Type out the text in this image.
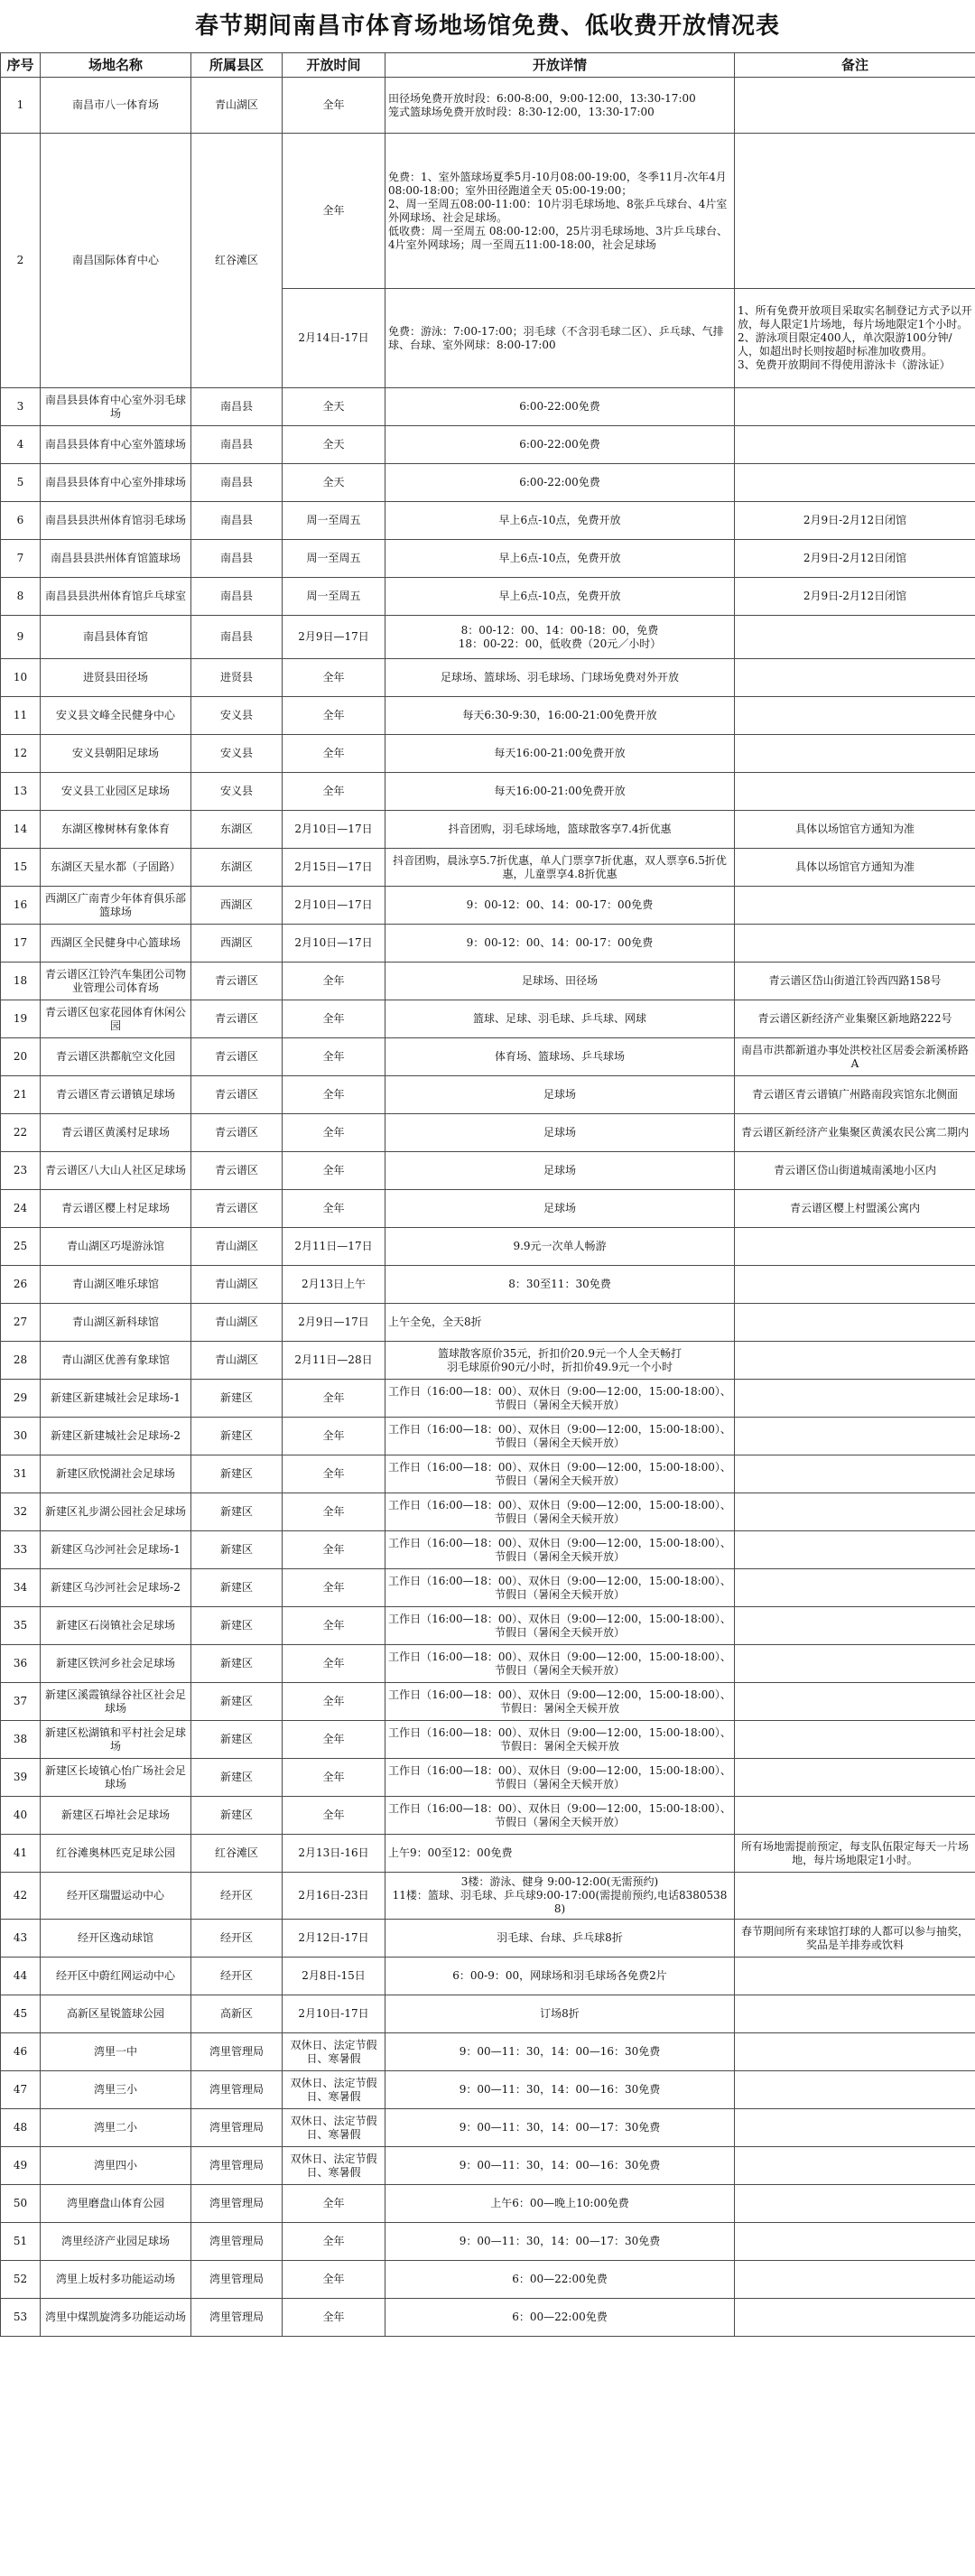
春节期间南昌市体育场地场馆免费、低收费开放情况表
序号	场地名称	所属县区	开放时间	开放详情	备注
1	南昌市八一体育场	青山湖区	全年	田径场免费开放时段：6:00-8:00，9:00-12:00，13:30-17:00
笼式篮球场免费开放时段：8:30-12:00，13:30-17:00	
2	南昌国际体育中心	红谷滩区	全年	免费：1、室外篮球场夏季5月-10月08:00-19:00，冬季11月-次年4月 08:00-18:00；室外田径跑道全天 05:00-19:00；
2、周一至周五08:00-11:00：10片羽毛球场地、8张乒乓球台、4片室外网球场、社会足球场。
低收费：周一至周五 08:00-12:00，25片羽毛球场地、3片乒乓球台、4片室外网球场；周一至周五11:00-18:00，社会足球场	
			2月14日-17日	免费：游泳：7:00-17:00；羽毛球（不含羽毛球二区）、乒乓球、气排球、台球、室外网球：8:00-17:00	1、所有免费开放项目采取实名制登记方式予以开放，每人限定1片场地，每片场地限定1个小时。
2、游泳项目限定400人，单次限游100分钟/人，如超出时长则按超时标准加收费用。
3、免费开放期间不得使用游泳卡（游泳证）
3	南昌县县体育中心室外羽毛球场	南昌县	全天	6:00-22:00免费	
4	南昌县县体育中心室外篮球场	南昌县	全天	6:00-22:00免费	
5	南昌县县体育中心室外排球场	南昌县	全天	6:00-22:00免费	
6	南昌县县洪州体育馆羽毛球场	南昌县	周一至周五	早上6点-10点，免费开放	2月9日-2月12日闭馆
7	南昌县县洪州体育馆篮球场	南昌县	周一至周五	早上6点-10点，免费开放	2月9日-2月12日闭馆
8	南昌县县洪州体育馆乒乓球室	南昌县	周一至周五	早上6点-10点，免费开放	2月9日-2月12日闭馆
9	南昌县体育馆	南昌县	2月9日—17日	8：00-12：00、14：00-18：00，免费
18：00-22：00，低收费（20元／小时）	
10	进贤县田径场	进贤县	全年	足球场、篮球场、羽毛球场、门球场免费对外开放	
11	安义县文峰全民健身中心	安义县	全年	每天6:30-9:30，16:00-21:00免费开放	
12	安义县朝阳足球场	安义县	全年	每天16:00-21:00免费开放	
13	安义县工业园区足球场	安义县	全年	每天16:00-21:00免费开放	
14	东湖区橡树林有象体育	东湖区	2月10日—17日	抖音团购，羽毛球场地，篮球散客享7.4折优惠	具体以场馆官方通知为准
15	东湖区天星水都（子固路）	东湖区	2月15日—17日	抖音团购，晨泳享5.7折优惠，单人门票享7折优惠，双人票享6.5折优惠，儿童票享4.8折优惠	具体以场馆官方通知为准
16	西湖区广南青少年体育俱乐部篮球场	西湖区	2月10日—17日	9：00-12：00、14：00-17：00免费	
17	西湖区全民健身中心篮球场	西湖区	2月10日—17日	9：00-12：00、14：00-17：00免费	
18	青云谱区江铃汽车集团公司物业管理公司体育场	青云谱区	全年	足球场、田径场	青云谱区岱山街道江铃西四路158号
19	青云谱区包家花园体育休闲公园	青云谱区	全年	篮球、足球、羽毛球、乒乓球、网球	青云谱区新经济产业集聚区新地路222号
20	青云谱区洪都航空文化园	青云谱区	全年	体育场、篮球场、乒乓球场	南昌市洪都新道办事处洪校社区居委会新溪桥路A
21	青云谱区青云谱镇足球场	青云谱区	全年	足球场	青云谱区青云谱镇广州路南段宾馆东北侧面
22	青云谱区黄溪村足球场	青云谱区	全年	足球场	青云谱区新经济产业集聚区黄溪农民公寓二期内
23	青云谱区八大山人社区足球场	青云谱区	全年	足球场	青云谱区岱山街道城南溪地小区内
24	青云谱区樱上村足球场	青云谱区	全年	足球场	青云谱区樱上村盟溪公寓内
25	青山湖区巧堤游泳馆	青山湖区	2月11日—17日	9.9元一次单人畅游	
26	青山湖区唯乐球馆	青山湖区	2月13日上午	8：30至11：30免费	
27	青山湖区新科球馆	青山湖区	2月9日—17日	上午全免，全天8折	
28	青山湖区优善有象球馆	青山湖区	2月11日—28日	篮球散客原价35元，折扣价20.9元一个人全天畅打
羽毛球原价90元/小时，折扣价49.9元一个小时	
29	新建区新建城社会足球场-1	新建区	全年	工作日（16:00—18：00）、双休日（9:00—12:00，15:00-18:00）、节假日（暑闲全天候开放）	
30	新建区新建城社会足球场-2	新建区	全年	工作日（16:00—18：00）、双休日（9:00—12:00，15:00-18:00）、节假日（暑闲全天候开放）	
31	新建区欣悦湖社会足球场	新建区	全年	工作日（16:00—18：00）、双休日（9:00—12:00，15:00-18:00）、节假日（暑闲全天候开放）	
32	新建区礼步湖公园社会足球场	新建区	全年	工作日（16:00—18：00）、双休日（9:00—12:00，15:00-18:00）、节假日（暑闲全天候开放）	
33	新建区乌沙河社会足球场-1	新建区	全年	工作日（16:00—18：00）、双休日（9:00—12:00，15:00-18:00）、节假日（暑闲全天候开放）	
34	新建区乌沙河社会足球场-2	新建区	全年	工作日（16:00—18：00）、双休日（9:00—12:00，15:00-18:00）、节假日（暑闲全天候开放）	
35	新建区石岗镇社会足球场	新建区	全年	工作日（16:00—18：00）、双休日（9:00—12:00，15:00-18:00）、节假日（暑闲全天候开放）	
36	新建区铁河乡社会足球场	新建区	全年	工作日（16:00—18：00）、双休日（9:00—12:00，15:00-18:00）、节假日（暑闲全天候开放）	
37	新建区溪霞镇绿谷社区社会足球场	新建区	全年	工作日（16:00—18：00）、双休日（9:00—12:00，15:00-18:00）、节假日：暑闲全天候开放	
38	新建区松湖镇和平村社会足球场	新建区	全年	工作日（16:00—18：00）、双休日（9:00—12:00，15:00-18:00）、节假日：暑闲全天候开放	
39	新建区长堎镇心怡广场社会足球场	新建区	全年	工作日（16:00—18：00）、双休日（9:00—12:00，15:00-18:00）、节假日（暑闲全天候开放）	
40	新建区石埠社会足球场	新建区	全年	工作日（16:00—18：00）、双休日（9:00—12:00，15:00-18:00）、节假日（暑闲全天候开放）	
41	红谷滩奥林匹克足球公园	红谷滩区	2月13日-16日	上午9：00至12：00免费	所有场地需提前预定，每支队伍限定每天一片场地，每片场地限定1小时。
42	经开区瑞盟运动中心	经开区	2月16日-23日	3楼：游泳、健身 9:00-12:00(无需预约)
11楼：篮球、羽毛球、乒乓球9:00-17:00(需提前预约,电话83805388)	
43	经开区逸动球馆	经开区	2月12日-17日	羽毛球、台球、乒乓球8折	春节期间所有来球馆打球的人都可以参与抽奖，奖品是羊排券或饮料
44	经开区中蔚红网运动中心	经开区	2月8日-15日	6：00-9：00，网球场和羽毛球场各免费2片	
45	高新区星锐篮球公园	高新区	2月10日-17日	订场8折	
46	湾里一中	湾里管理局	双休日、法定节假日、寒暑假	9：00—11：30，14：00—16：30免费	
47	湾里三小	湾里管理局	双休日、法定节假日、寒暑假	9：00—11：30，14：00—16：30免费	
48	湾里二小	湾里管理局	双休日、法定节假日、寒暑假	9：00—11：30，14：00—17：30免费	
49	湾里四小	湾里管理局	双休日、法定节假日、寒暑假	9：00—11：30，14：00—16：30免费	
50	湾里磨盘山体育公园	湾里管理局	全年	上午6：00—晚上10:00免费	
51	湾里经济产业园足球场	湾里管理局	全年	9：00—11：30，14：00—17：30免费	
52	湾里上坂村多功能运动场	湾里管理局	全年	6：00—22:00免费	
53	湾里中煤凯旋湾多功能运动场	湾里管理局	全年	6：00—22:00免费	
